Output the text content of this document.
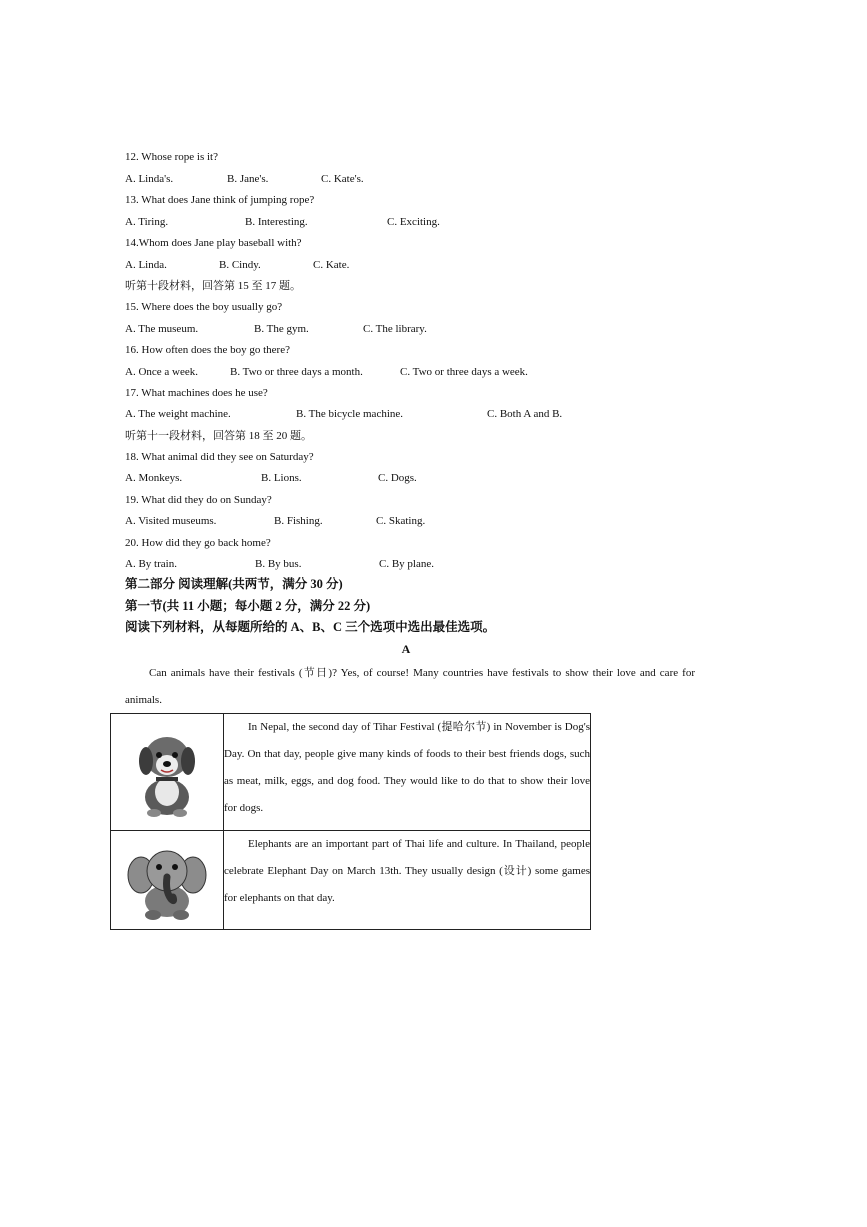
12. Whose rope is it?
A. Linda's.	B. Jane's.	C. Kate's.
13. What does Jane think of jumping rope?
A. Tiring.	B. Interesting.	C. Exciting.
14.Whom does Jane play baseball with?
A. Linda.	B. Cindy.	C. Kate.
听第十段材料，回答第 15 至 17 题。
15. Where does the boy usually go?
A. The museum.	B. The gym.	C. The library.
16. How often does the boy go there?
A. Once a week.	B. Two or three days a month.	C. Two or three days a week.
17. What machines does he use?
A. The weight machine.	B. The bicycle machine.	C. Both A and B.
听第十一段材料，回答第 18 至 20 题。
18. What animal did they see on Saturday?
A. Monkeys.	B. Lions.	C. Dogs.
19. What did they do on Sunday?
A. Visited museums.	B. Fishing.	C. Skating.
20. How did they go back home?
A. By train.	B. By bus.	C. By plane.
第二部分 阅读理解(共两节，满分 30 分)
第一节(共 11 小题；每小题 2 分，满分 22 分)
阅读下列材料，从每题所给的 A、B、C 三个选项中选出最佳选项。
A
Can animals have their festivals (节日)? Yes, of course! Many countries have festivals to show their love and care for animals.
	In Nepal, the second day of Tihar Festival (提哈尔节) in November is Dog's Day. On that day, people give many kinds of foods to their best friends dogs, such as meat, milk, eggs, and dog food. They would like to do that to show their love for dogs.

	Elephants are an important part of Thai life and culture. In Thailand, people celebrate Elephant Day on March 13th. They usually design (设计) some games for elephants on that day.
